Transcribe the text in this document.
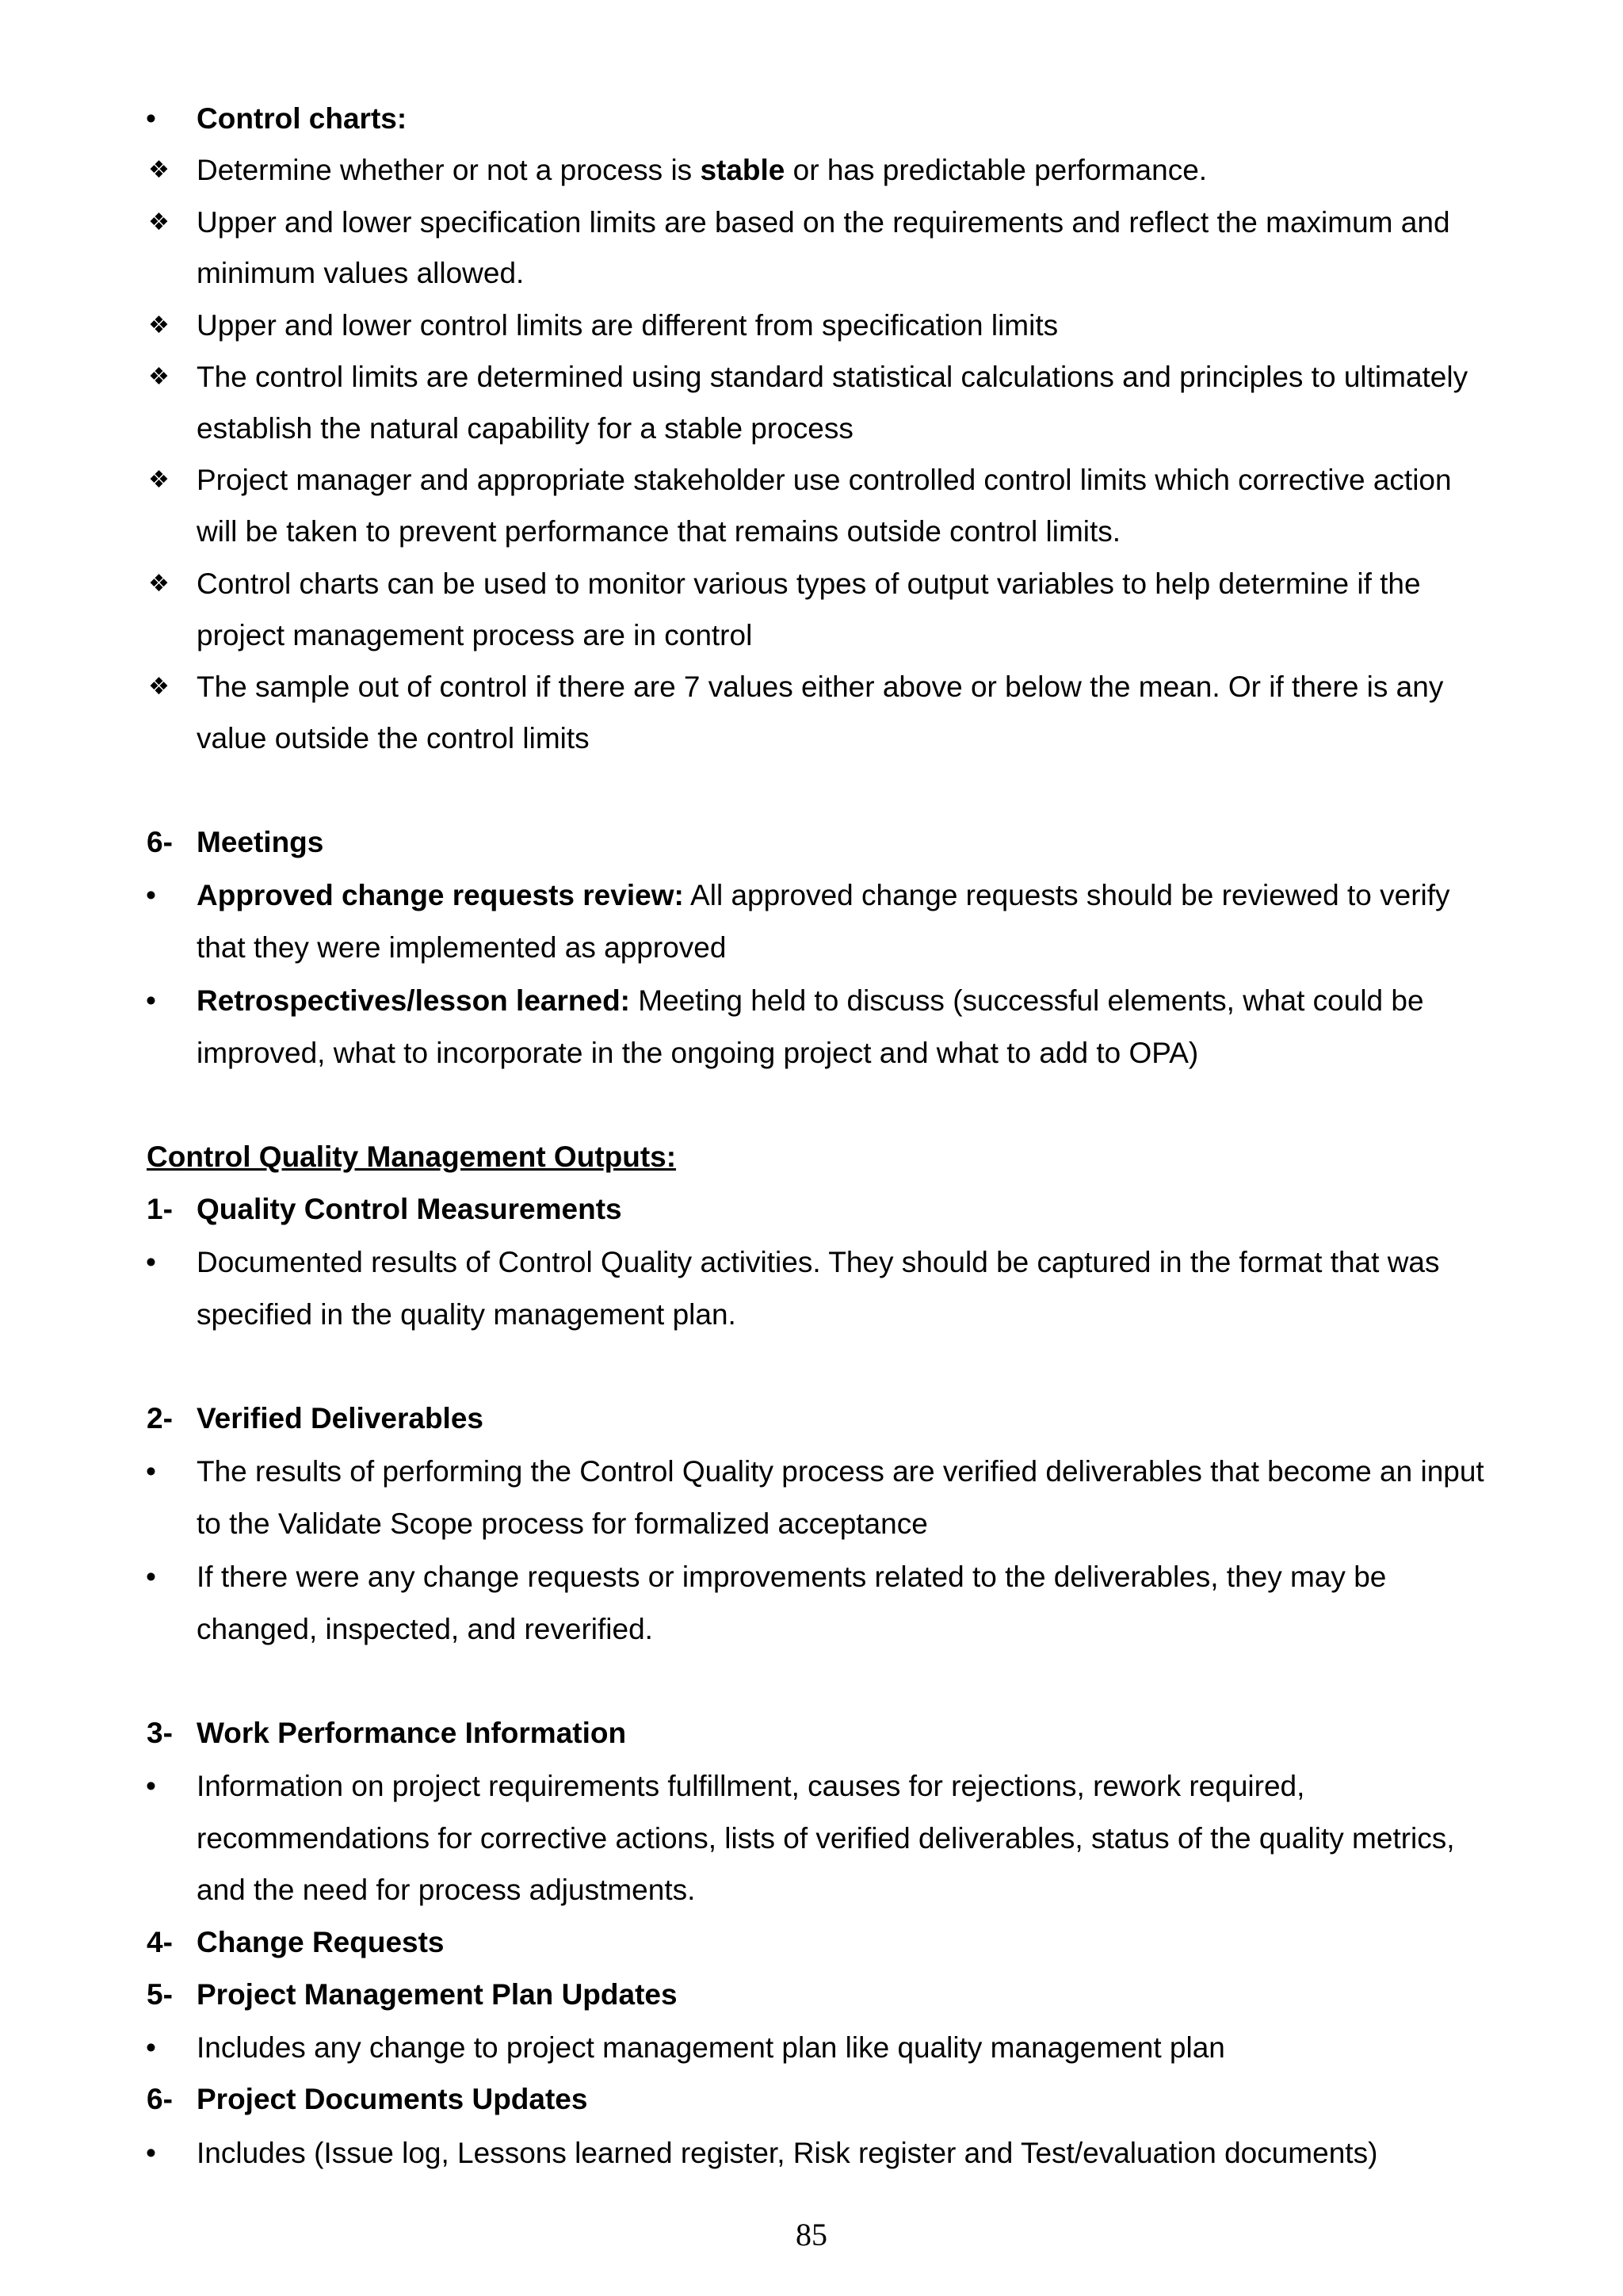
• Control charts:
❖ Determine whether or not a process is stable or has predictable performance.
❖ Upper and lower specification limits are based on the requirements and reflect the maximum and
minimum values allowed.
❖ Upper and lower control limits are different from specification limits
❖ The control limits are determined using standard statistical calculations and principles to ultimately
establish the natural capability for a stable process
❖ Project manager and appropriate stakeholder use controlled control limits which corrective action
will be taken to prevent performance that remains outside control limits.
❖ Control charts can be used to monitor various types of output variables to help determine if the
project management process are in control
❖ The sample out of control if there are 7 values either above or below the mean. Or if there is any
value outside the control limits
6- Meetings
• Approved change requests review: All approved change requests should be reviewed to verify
that they were implemented as approved
• Retrospectives/lesson learned: Meeting held to discuss (successful elements, what could be
improved, what to incorporate in the ongoing project and what to add to OPA)
Control Quality Management Outputs:
1- Quality Control Measurements
• Documented results of Control Quality activities. They should be captured in the format that was
specified in the quality management plan.
2- Verified Deliverables
• The results of performing the Control Quality process are verified deliverables that become an input
to the Validate Scope process for formalized acceptance
• If there were any change requests or improvements related to the deliverables, they may be
changed, inspected, and reverified.
3- Work Performance Information
• Information on project requirements fulfillment, causes for rejections, rework required,
recommendations for corrective actions, lists of verified deliverables, status of the quality metrics,
and the need for process adjustments.
4- Change Requests
5- Project Management Plan Updates
• Includes any change to project management plan like quality management plan
6- Project Documents Updates
• Includes (Issue log, Lessons learned register, Risk register and Test/evaluation documents)
85
